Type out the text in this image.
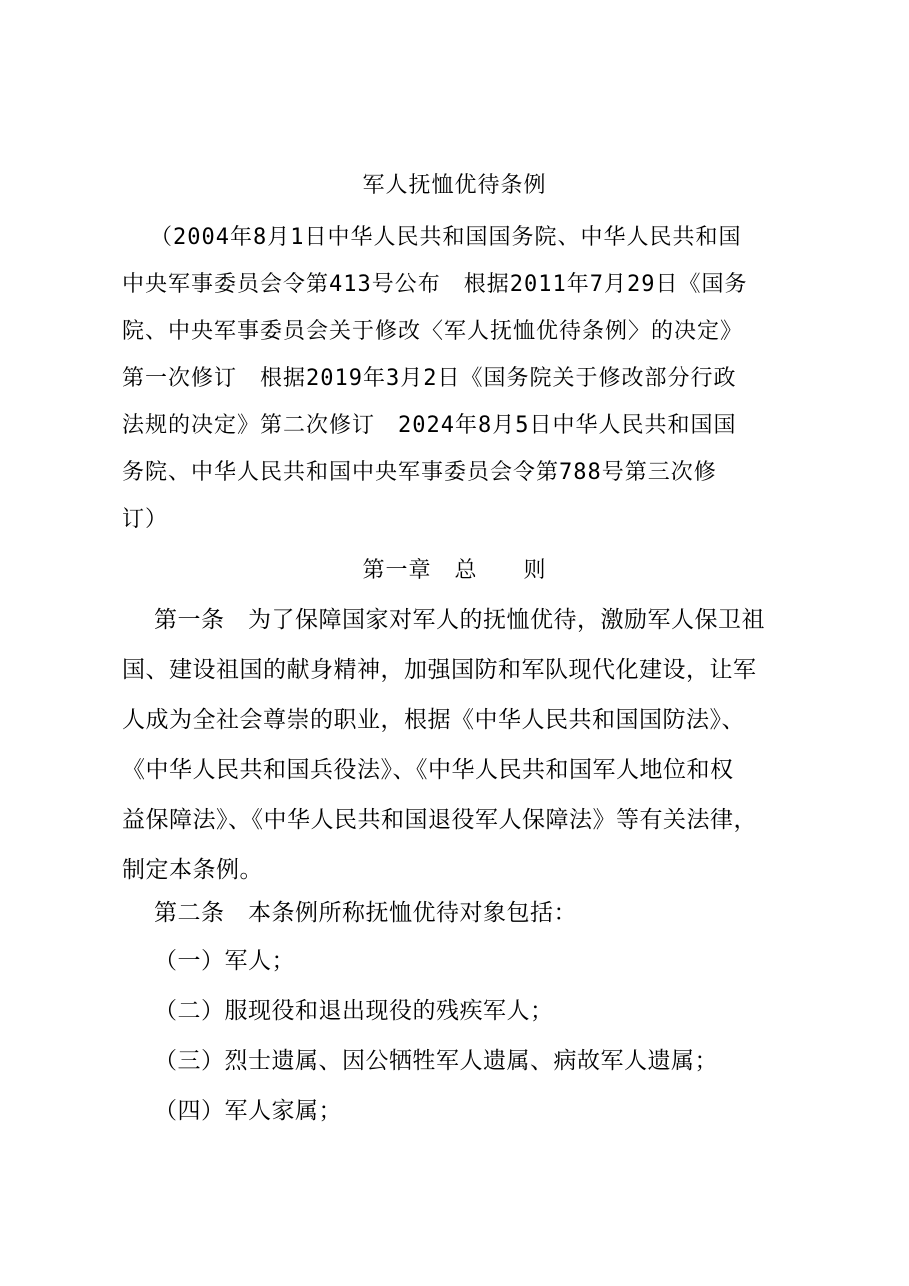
军人抚恤优待条例
（2004年8月1日中华人民共和国国务院、中华人民共和国
中央军事委员会令第413号公布　根据2011年7月29日《国务
院、中央军事委员会关于修改〈军人抚恤优待条例〉的决定》
第一次修订　根据2019年3月2日《国务院关于修改部分行政
法规的决定》第二次修订　2024年8月5日中华人民共和国国
务院、中华人民共和国中央军事委员会令第788号第三次修
订）
第一章　总　　则
第一条　为了保障国家对军人的抚恤优待，激励军人保卫祖
国、建设祖国的献身精神，加强国防和军队现代化建设，让军
人成为全社会尊崇的职业，根据《中华人民共和国国防法》、
《中华人民共和国兵役法》、《中华人民共和国军人地位和权
益保障法》、《中华人民共和国退役军人保障法》等有关法律，
制定本条例。
第二条　本条例所称抚恤优待对象包括：
（一）军人；
（二）服现役和退出现役的残疾军人；
（三）烈士遗属、因公牺牲军人遗属、病故军人遗属；
（四）军人家属；
